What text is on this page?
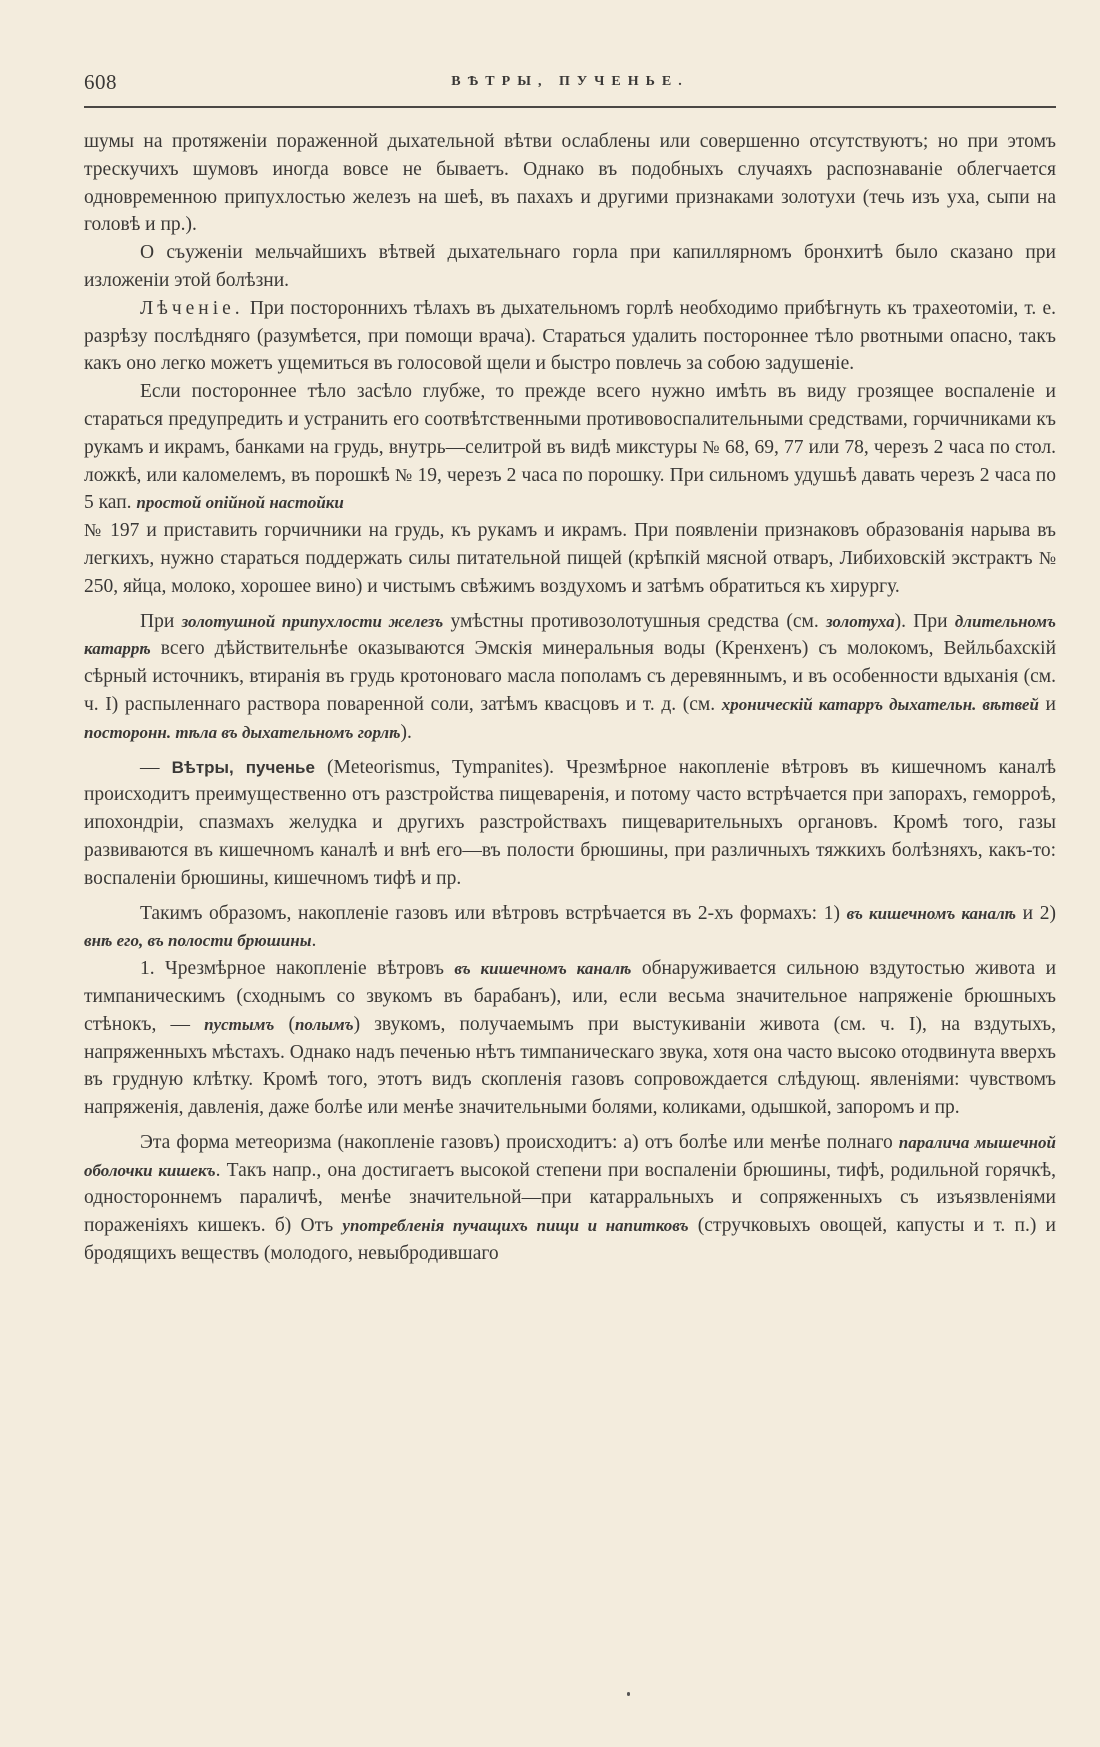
608	ВѢТРЫ, ПУЧЕНЬЕ.

шумы на протяженіи пораженной дыхательной вѣтви ослаблены или совершенно отсутствуютъ; но при этомъ трескучихъ шумовъ иногда вовсе не бываетъ. Однако въ подобныхъ случаяхъ распознаваніе облегчается одновременною припухлостью железъ на шеѣ, въ пахахъ и другими признаками золотухи (течь изъ уха, сыпи на головѣ и пр.).

О съуженіи мельчайшихъ вѣтвей дыхательнаго горла при капиллярномъ бронхитѣ было сказано при изложеніи этой болѣзни.

Лѣченіе. При постороннихъ тѣлахъ въ дыхательномъ горлѣ необходимо прибѣгнуть къ трахеотоміи, т. е. разрѣзу послѣдняго (разумѣется, при помощи врача). Стараться удалить постороннее тѣло рвотными опасно, такъ какъ оно легко можетъ ущемиться въ голосовой щели и быстро повлечь за собою задушеніе.

Если постороннее тѣло засѣло глубже, то прежде всего нужно имѣть въ виду грозящее воспаленіе и стараться предупредить и устранить его соотвѣтственными противовоспалительными средствами, горчичниками къ рукамъ и икрамъ, банками на грудь, внутрь—селитрой въ видѣ микстуры № 68, 69, 77 или 78, черезъ 2 часа по стол. ложкѣ, или каломелемъ, въ порошкѣ № 19, черезъ 2 часа по порошку. При сильномъ удушьѣ давать черезъ 2 часа по 5 кап. простой опійной настойки
№ 197 и приставить горчичники на грудь, къ рукамъ и икрамъ. При появленіи признаковъ образованія нарыва въ легкихъ, нужно стараться поддержать силы питательной пищей (крѣпкій мясной отваръ, Либиховскій экстрактъ № 250, яйца, молоко, хорошее вино) и чистымъ свѣжимъ воздухомъ и затѣмъ обратиться къ хирургу.

При золотушной припухлости железъ умѣстны противозолотушныя средства (см. золотуха). При длительномъ катаррѣ всего дѣйствительнѣе оказываются Эмскія минеральныя воды (Кренхенъ) съ молокомъ, Вейльбахскій сѣрный источникъ, втиранія въ грудь кротоноваго масла пополамъ съ деревяннымъ, и въ особенности вдыханія (см. ч. I) распыленнаго раствора поваренной соли, затѣмъ квасцовъ и т. д. (см. хроническій катарръ дыхательн. вѣтвей и посторонн. тѣла въ дыхательномъ горлѣ).

— Вѣтры, пученье (Meteorismus, Tympanites). Чрезмѣрное накопленіе вѣтровъ въ кишечномъ каналѣ происходитъ преимущественно отъ разстройства пищеваренія, и потому часто встрѣчается при запорахъ, геморроѣ, ипохондріи, спазмахъ желудка и другихъ разстройствахъ пищеварительныхъ органовъ. Кромѣ того, газы развиваются въ кишечномъ каналѣ и внѣ его—въ полости брюшины, при различныхъ тяжкихъ болѣзняхъ, какъ-то: воспаленіи брюшины, кишечномъ тифѣ и пр.

Такимъ образомъ, накопленіе газовъ или вѣтровъ встрѣчается въ 2-хъ формахъ: 1) въ кишечномъ каналѣ и 2) внѣ его, въ полости брюшины.

1. Чрезмѣрное накопленіе вѣтровъ въ кишечномъ каналѣ обнаруживается сильною вздутостью живота и тимпаническимъ (сходнымъ со звукомъ въ барабанъ), или, если весьма значительное напряженіе брюшныхъ стѣнокъ, — пустымъ (полымъ) звукомъ, получаемымъ при выстукиваніи живота (см. ч. I), на вздутыхъ, напряженныхъ мѣстахъ. Однако надъ печенью нѣтъ тимпаническаго звука, хотя она часто высоко отодвинута вверхъ въ грудную клѣтку. Кромѣ того, этотъ видъ скопленія газовъ сопровождается слѣдующ. явленіями: чувствомъ напряженія, давленія, даже болѣе или менѣе значительными болями, коликами, одышкой, запоромъ и пр.

Эта форма метеоризма (накопленіе газовъ) происходитъ: а) отъ болѣе или менѣе полнаго паралича мышечной оболочки кишекъ. Такъ напр., она достигаетъ высокой степени при воспаленіи брюшины, тифѣ, родильной горячкѣ, одностороннемъ параличѣ, менѣе значительной—при катарральныхъ и сопряженныхъ съ изъязвленіями пораженіяхъ кишекъ. б) Отъ употребленія пучащихъ пищи и напитковъ (стручковыхъ овощей, капусты и т. п.) и бродящихъ веществъ (молодого, невыбродившаго
